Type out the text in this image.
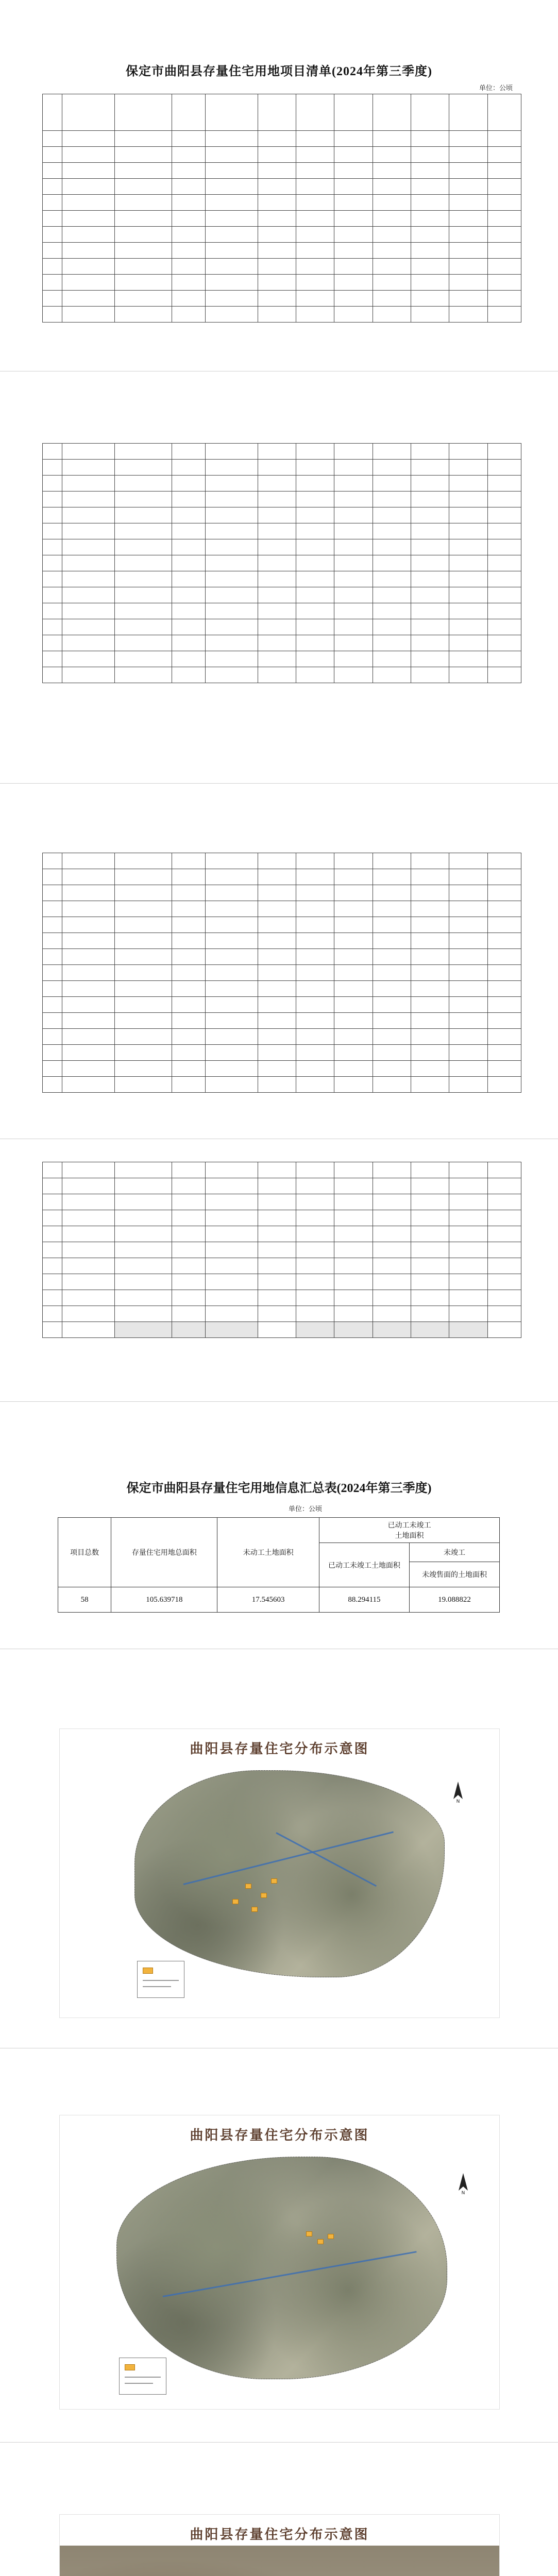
保定市曲阳县存量住宅用地项目清单(2024年第三季度)
单位：公顷

保定市曲阳县存量住宅用地信息汇总表(2024年第三季度)
单位：公顷
项目总数	存量住宅用地总面积	未动工土地面积	已动工未竣工
土地面积	
			已动工未竣工土地面积	未竣工
				未竣售面的土地面积
58	105.639718	17.545603	88.294115	19.088822
曲阳县存量住宅分布示意图
N
曲阳县存量住宅分布示意图
N
曲阳县存量住宅分布示意图
